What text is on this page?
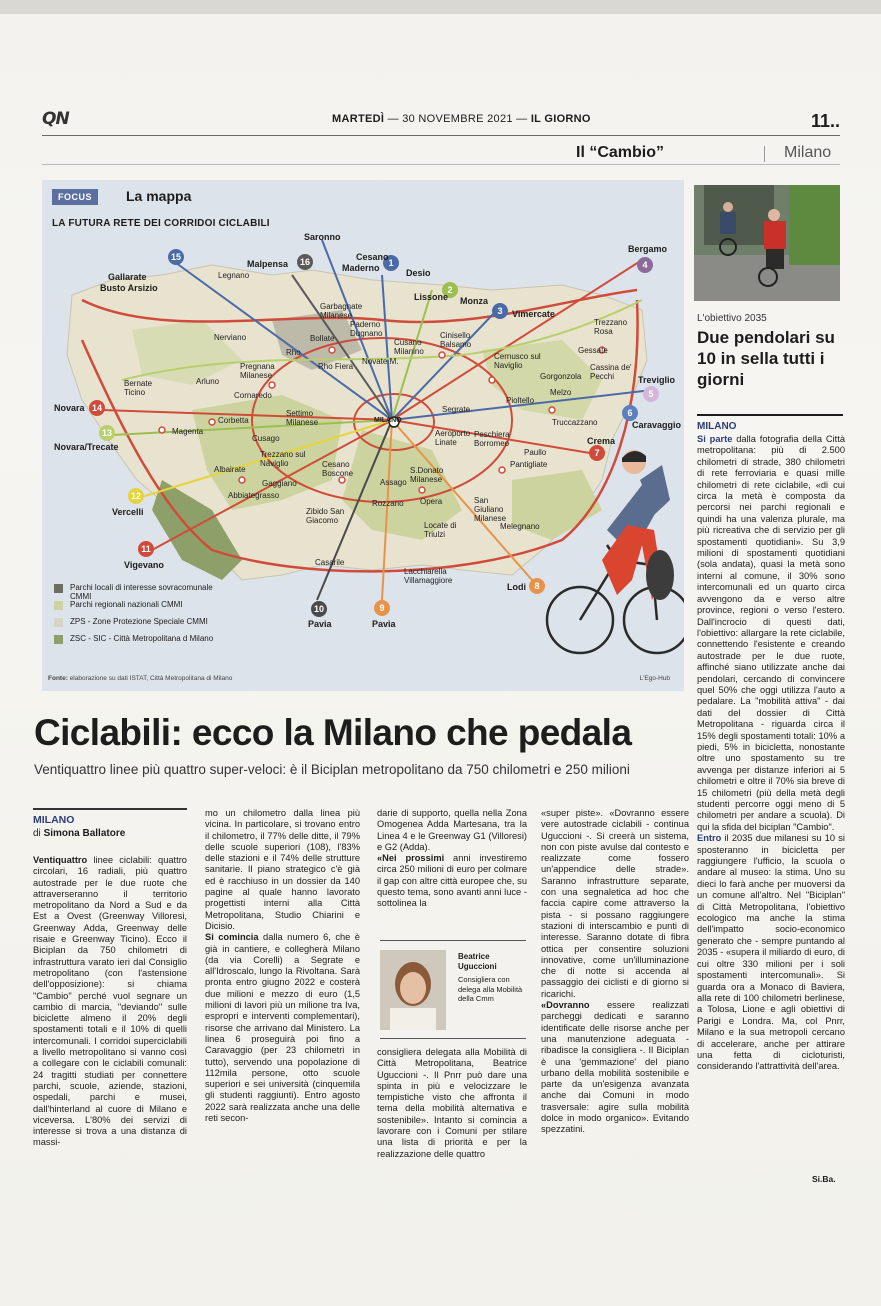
QN	MARTEDÌ — 30 NOVEMBRE 2021 — IL GIORNO	11..
Il “Cambio”	Milano
1
2
3
4
5
6
7
8
9
10
11
12
13
14
15	16
FOCUS	La mappa
LA FUTURA RETE DEI CORRIDOI CICLABILI
Gallarate
Busto Arsizio
Malpensa
Saronno
Cesano
Maderno	Desio
Lissone Monza
Vimercate
Bergamo
Treviglio
Caravaggio
Crema
Novara
Novara/Trecate
Vercelli
Vigevano
Pavia	Pavia
Lodi
MILANO
Legnano
Nerviano
Rho
Bollate
Paderno Dugnano	Cinisello Balsamo
Cernusco sul Naviglio
Gessate
Trezzano Rosa
Arluno
Pregnana Milanese
Corbetta
Magenta
Cusago
Settimo Milanese
Abbiategrasso
Gaggiano
Albairate
Zibido San Giacomo
Rozzano Opera
Melegnano
Casarile
Lacchiarella Villamaggiore
Locate di Triulzi
Segrate
Peschiera Borromeo
Pantigliate
Paullo
Truccazzano
Melzo
Gorgonzola
Pioltello
Bernate Ticino	Cornaredo
Cesano Boscone
Trezzano sul Naviglio
Assago
S.Donato Milanese
San Giuliano Milanese
Garbagnate Milanese
Cusano Milanino
Novate M.
Rho Fiera	Cassina de' Pecchi
Aeroporto Linate
Parchi locali di interesse sovracomunale CMMI
Parchi regionali nazionali CMMI
ZPS - Zone Protezione Speciale CMMI
ZSC - SIC - Città Metropolitana d Milano
Fonte: elaborazione su dati ISTAT, Città Metropolitana di Milano	L'Ego-Hub
L'obiettivo 2035
Due pendolari su 10 in sella tutti i giorni
MILANO

Si parte dalla fotografia della Città metropolitana: più di 2.500 chilometri di strade, 380 chilometri di rete ferroviaria e quasi mille chilometri di rete ciclabile, «di cui circa la metà è composta da percorsi nei parchi regionali e quindi ha una valenza plurale, ma più ricreativa che di servizio per gli spostamenti quotidiani». Su 3,9 milioni di spostamenti quotidiani (sola andata), quasi la metà sono interni al comune, il 30% sono intercomunali ed un quarto circa avvengono da e verso altre province, regioni o verso l'estero. Dall'incrocio di questi dati, l'obiettivo: allargare la rete ciclabile, connettendo l'esistente e creando autostrade per le due ruote, affinché siano utilizzate anche dai pendolari, cercando di convincere quel 50% che oggi utilizza l'auto a pedalare. La "mobilità attiva" - dai dati del dossier di Città Metropolitana - riguarda circa il 15% degli spostamenti totali: 10% a piedi, 5% in bicicletta, nonostante oltre uno spostamento su tre avvenga per distanze inferiori ai 5 chilometri e oltre il 70% sia breve di 15 chilometri (più della metà degli studenti percorre oggi meno di 5 chilometri per andare a scuola). Di qui la sfida del biciplan "Cambio".

Entro il 2035 due milanesi su 10 si sposteranno in bicicletta per raggiungere l'ufficio, la scuola o andare al museo: la stima. Uno su dieci lo farà anche per muoversi da un comune all'altro. Nel "Biciplan" di Città Metropolitana, l'obiettivo ecologico ma anche la stima dell'impatto socio-economico generato che - sempre puntando al 2035 - «supera il miliardo di euro, di cui oltre 330 milioni per i soli spostamenti intercomunali». Si guarda ora a Monaco di Baviera, alla rete di 100 chilometri berlinese, a Tolosa, Lione e agli obiettivi di Parigi e Londra. Ma, col Pnrr, Milano e la sua metropoli cercano di accelerare, anche per attirare una fetta di cicloturisti, considerando l'attrattività dell'area.

Si.Ba.
Ciclabili: ecco la Milano che pedala
Ventiquattro linee più quattro super-veloci: è il Biciplan metropolitano da 750 chilometri e 250 milioni
MILANO
di Simona Ballatore

Ventiquattro linee ciclabili: quattro circolari, 16 radiali, più quattro autostrade per le due ruote che attraverseranno il territorio metropolitano da Nord a Sud e da Est a Ovest (Greenway Villoresi, Greenway Adda, Greenway delle risaie e Greenway Ticino). Ecco il Biciplan da 750 chilometri di infrastruttura varato ieri dal Consiglio metropolitano (con l'astensione dell'opposizione): si chiama "Cambio" perché vuol segnare un cambio di marcia, "deviando" sulle biciclette almeno il 20% degli spostamenti totali e il 10% di quelli intercomunali. I corridoi superciclabili a livello metropolitano si vanno così a collegare con le ciclabili comunali: 24 tragitti studiati per connettere parchi, scuole, aziende, stazioni, ospedali, parchi e musei, dall'hinterland al cuore di Milano e viceversa. L'80% dei servizi di interesse si trova a una distanza di massi-

mo un chilometro dalla linea più vicina. In particolare, si trovano entro il chilometro, il 77% delle ditte, il 79% delle scuole superiori (108), l'83% delle stazioni e il 74% delle strutture sanitarie. Il piano strategico c'è già ed è racchiuso in un dossier da 140 pagine al quale hanno lavorato progettisti interni alla Città Metropolitana, Studio Chiarini e Dicisio.

Si comincia dalla numero 6, che è già in cantiere, e collegherà Milano (da via Corelli) a Segrate e all'Idroscalo, lungo la Rivoltana. Sarà pronta entro giugno 2022 e costerà due milioni e mezzo di euro (1,5 milioni di lavori più un milione tra Iva, espropri e interventi complementari), risorse che arrivano dal Ministero. La linea 6 proseguirà poi fino a Caravaggio (per 23 chilometri in tutto), servendo una popolazione di 112mila persone, otto scuole superiori e sei università (cinquemila gli studenti raggiunti). Entro agosto 2022 sarà realizzata anche una delle reti secon-

darie di supporto, quella nella Zona Omogenea Adda Martesana, tra la Linea 4 e le Greenway G1 (Villoresi) e G2 (Adda).

«Nei prossimi anni investiremo circa 250 milioni di euro per colmare il gap con altre città europee che, su questo tema, sono avanti anni luce - sottolinea la

Beatrice Uguccioni
Consigliera con delega alla Mobilità della Cmm

consigliera delegata alla Mobilità di Città Metropolitana, Beatrice Uguccioni -. Il Pnrr può dare una spinta in più e velocizzare le tempistiche visto che affronta il tema della mobilità alternativa e sostenibile». Intanto si comincia a lavorare con i Comuni per stilare una lista di priorità e per la realizzazione delle quattro

«super piste». «Dovranno essere vere autostrade ciclabili - continua Uguccioni -. Si creerà un sistema, non con piste avulse dal contesto e realizzate come fossero un'appendice delle strade». Saranno infrastrutture separate, con una segnaletica ad hoc che faccia capire come attraverso la pista - si possano raggiungere stazioni di interscambio e punti di interesse. Saranno dotate di fibra ottica per consentire soluzioni innovative, come un'illuminazione che di notte si accenda al passaggio dei ciclisti e di giorno si ricarichi.

«Dovranno essere realizzati parcheggi dedicati e saranno identificate delle risorse anche per una manutenzione adeguata - ribadisce la consigliera -. Il Biciplan è una 'gemmazione' del piano urbano della mobilità sostenibile e parte da un'esigenza avanzata anche dai Comuni in modo trasversale: agire sulla mobilità dolce in modo organico». Evitando spezzatini.
